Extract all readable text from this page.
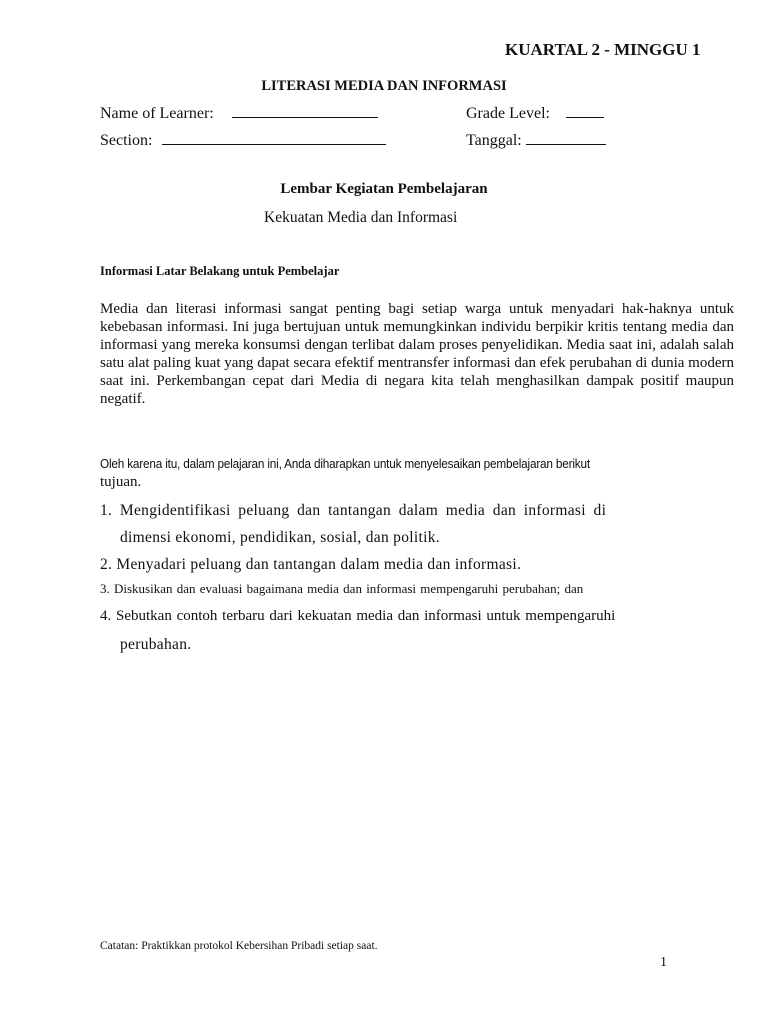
KUARTAL 2 - MINGGU 1
LITERASI MEDIA DAN INFORMASI
Name of Learner:	Grade Level:
Section:	Tanggal:
Lembar Kegiatan Pembelajaran
Kekuatan Media dan Informasi
Informasi Latar Belakang untuk Pembelajar
Media dan literasi informasi sangat penting bagi setiap warga untuk menyadari hak-haknya untuk kebebasan informasi. Ini juga bertujuan untuk memungkinkan individu berpikir kritis tentang media dan informasi yang mereka konsumsi dengan terlibat dalam proses penyelidikan. Media saat ini, adalah salah satu alat paling kuat yang dapat secara efektif mentransfer informasi dan efek perubahan di dunia modern saat ini. Perkembangan cepat dari Media di negara kita telah menghasilkan dampak positif maupun negatif.
Oleh karena itu, dalam pelajaran ini, Anda diharapkan untuk menyelesaikan pembelajaran berikut
tujuan.
1. Mengidentifikasi peluang dan tantangan dalam media dan informasi di
dimensi ekonomi, pendidikan, sosial, dan politik.
2. Menyadari peluang dan tantangan dalam media dan informasi.
3. Diskusikan dan evaluasi bagaimana media dan informasi mempengaruhi perubahan; dan
4. Sebutkan contoh terbaru dari kekuatan media dan informasi untuk mempengaruhi
perubahan.
Catatan: Praktikkan protokol Kebersihan Pribadi setiap saat.
1
